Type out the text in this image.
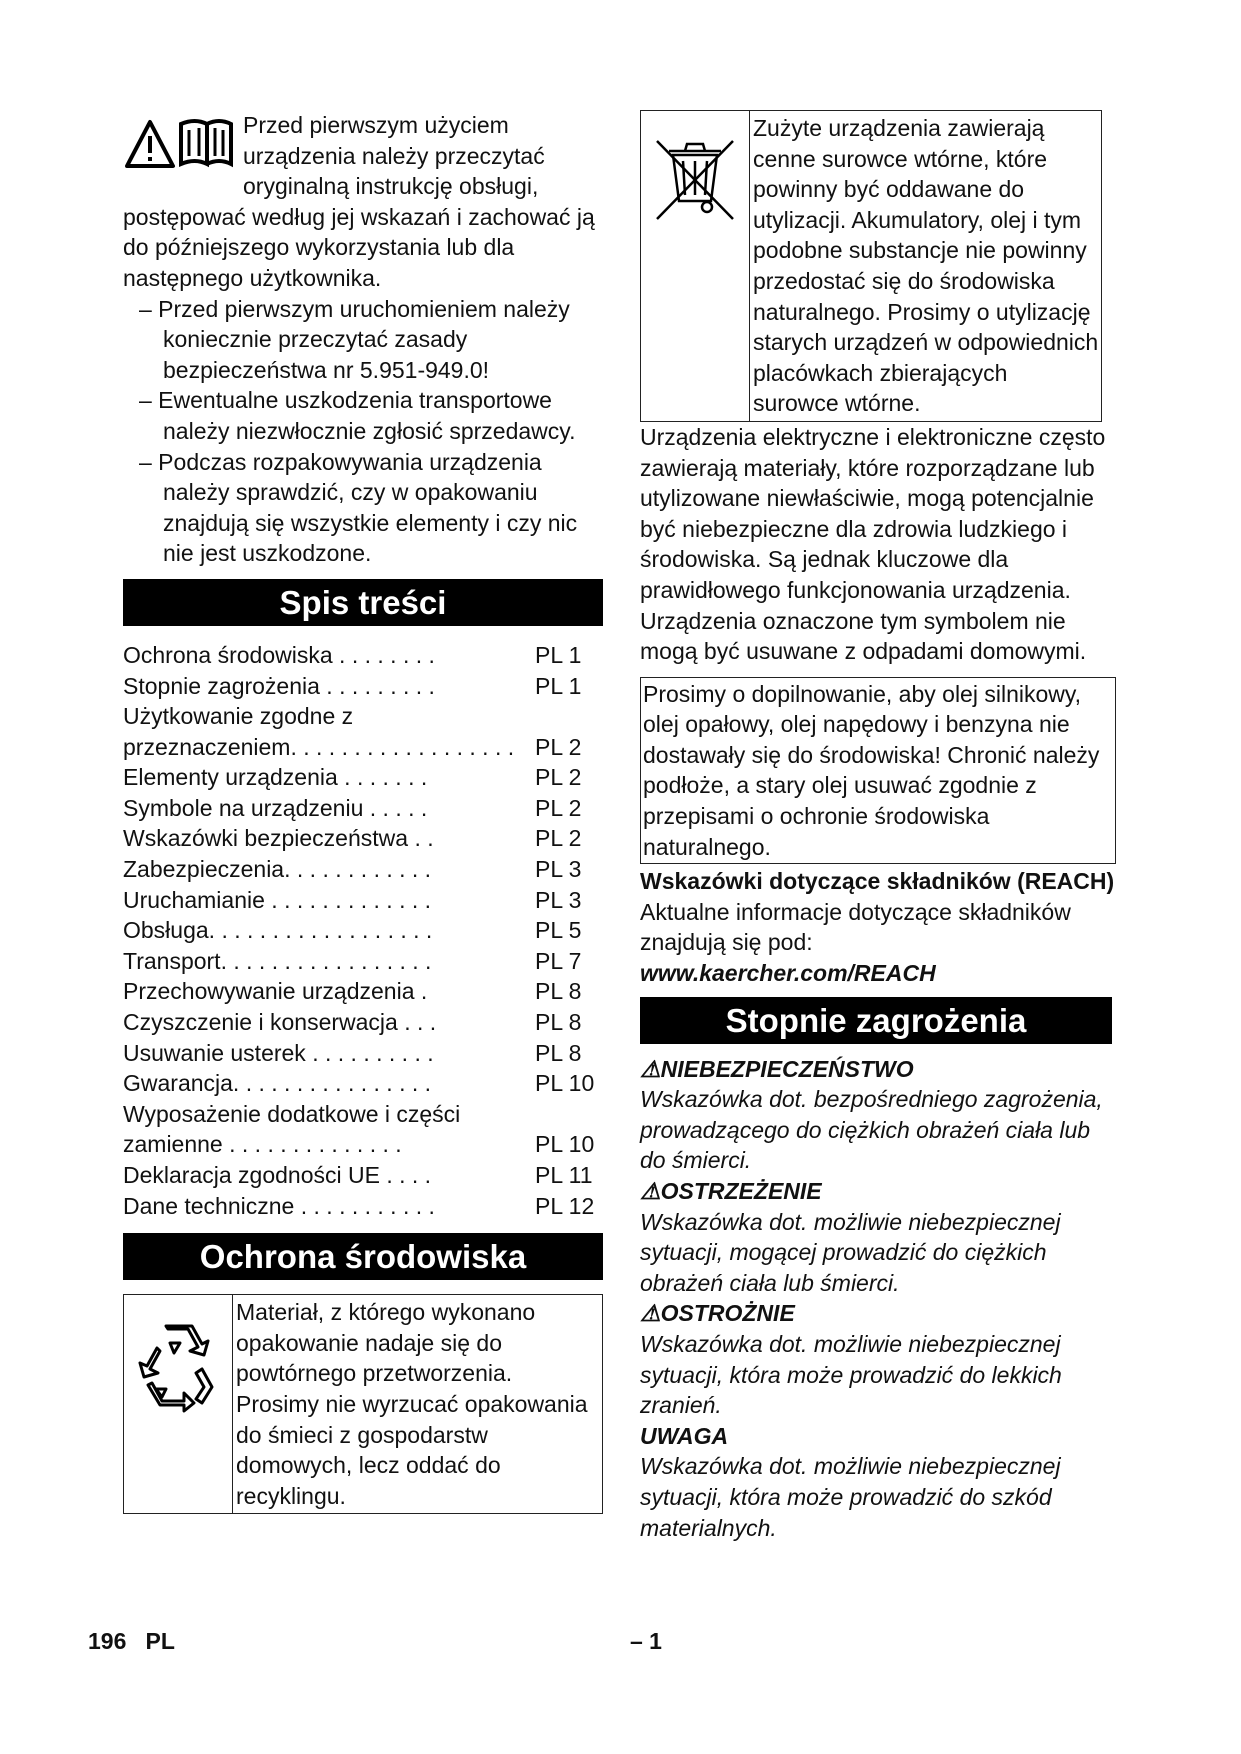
Przed pierwszym użyciem urządzenia należy przeczytać oryginalną instrukcję obsługi, postępować według jej wskazań i zachować ją do późniejszego wykorzystania lub dla następnego użytkownika.

– Przed pierwszym uruchomieniem należy koniecznie przeczytać zasady bezpieczeństwa nr 5.951-949.0!

– Ewentualne uszkodzenia transportowe należy niezwłocznie zgłosić sprzedawcy.

– Podczas rozpakowywania urządzenia należy sprawdzić, czy w opakowaniu znajdują się wszystkie elementy i czy nic nie jest uszkodzone.

Spis treści
Ochrona środowiska . . . . . . . .	PL 1
Stopnie zagrożenia . . . . . . . . .	PL 1
Użytkowanie zgodne z przeznaczeniem. . . . . . . . . . . . . . . . . . PL 2
Elementy urządzenia . . . . . . .	PL 2
Symbole na urządzeniu . . . . .	PL 2
Wskazówki bezpieczeństwa . .	PL 2
Zabezpieczenia. . . . . . . . . . . .	PL 3
Uruchamianie . . . . . . . . . . . . .	PL 3
Obsługa. . . . . . . . . . . . . . . . . .	PL 5
Transport. . . . . . . . . . . . . . . . .	PL 7
Przechowywanie urządzenia .	PL 8
Czyszczenie i konserwacja . . .	PL 8
Usuwanie usterek . . . . . . . . . .	PL 8
Gwarancja. . . . . . . . . . . . . . . .	PL 10
Wyposażenie dodatkowe i części zamienne . . . . . . . . . . . . . .	PL 10
Deklaracja zgodności UE . . . .	PL 11
Dane techniczne . . . . . . . . . . .	PL 12
Ochrona środowiska
Materiał, z którego wykonano opakowanie nadaje się do powtórnego przetworzenia. Prosimy nie wyrzucać opakowania do śmieci z gospodarstw domowych, lecz oddać do recyklingu.
Zużyte urządzenia zawierają cenne surowce wtórne, które powinny być oddawane do utylizacji. Akumulatory, olej i tym podobne substancje nie powinny przedostać się do środowiska naturalnego. Prosimy o utylizację starych urządzeń w odpowiednich placówkach zbierających surowce wtórne.

Urządzenia elektryczne i elektroniczne często zawierają materiały, które rozporządzane lub utylizowane niewłaściwie, mogą potencjalnie być niebezpieczne dla zdrowia ludzkiego i środowiska. Są jednak kluczowe dla prawidłowego funkcjonowania urządzenia. Urządzenia oznaczone tym symbolem nie mogą być usuwane z odpadami domowymi.

Prosimy o dopilnowanie, aby olej silnikowy, olej opałowy, olej napędowy i benzyna nie dostawały się do środowiska! Chronić należy podłoże, a stary olej usuwać zgodnie z przepisami o ochronie środowiska naturalnego.

Wskazówki dotyczące składników (REACH)

Aktualne informacje dotyczące składników znajdują się pod:

www.kaercher.com/REACH

Stopnie zagrożenia

⚠NIEBEZPIECZEŃSTWO

Wskazówka dot. bezpośredniego zagrożenia, prowadzącego do ciężkich obrażeń ciała lub do śmierci.

⚠OSTRZEŻENIE

Wskazówka dot. możliwie niebezpiecznej sytuacji, mogącej prowadzić do ciężkich obrażeń ciała lub śmierci.

⚠OSTROŻNIE

Wskazówka dot. możliwie niebezpiecznej sytuacji, która może prowadzić do lekkich zranień.

UWAGA

Wskazówka dot. możliwie niebezpiecznej sytuacji, która może prowadzić do szkód materialnych.

196 PL	– 1
